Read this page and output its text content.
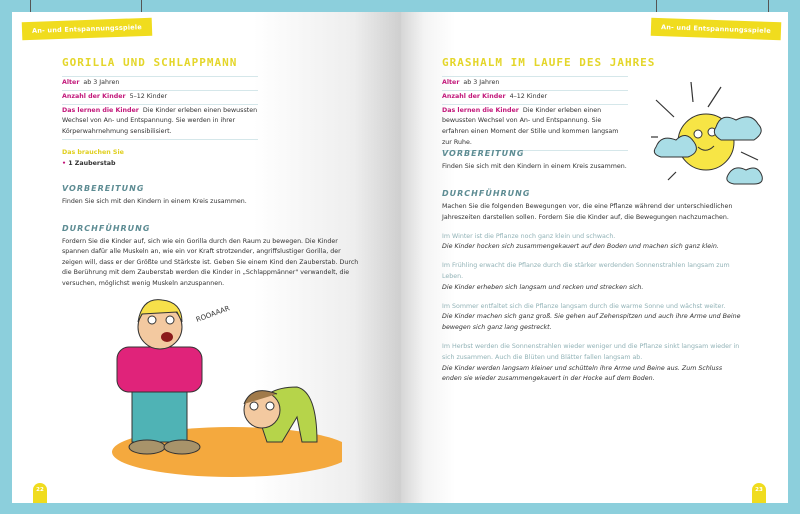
An- und Entspannungsspiele
GORILLA UND SCHLAPPMANN
Alter ab 3 Jahren
Anzahl der Kinder 5–12 Kinder
Das lernen die Kinder Die Kinder erleben einen bewussten Wechsel von An- und Entspannung. Sie werden in ihrer Körperwahrnehmung sensibilisiert.
Das brauchen Sie
• 1 Zauberstab
VORBEREITUNG
Finden Sie sich mit den Kindern in einem Kreis zusammen.
DURCHFÜHRUNG
Fordern Sie die Kinder auf, sich wie ein Gorilla durch den Raum zu bewegen. Die Kinder spannen dafür alle Muskeln an, wie ein vor Kraft strotzender, angriffslustiger Gorilla, der zeigen will, dass er der Größte und Stärkste ist. Geben Sie einem Kind den Zauberstab. Durch die Berührung mit dem Zauberstab werden die Kinder in „Schlappmänner" verwandelt, die versuchen, möglichst wenig Muskeln anzuspannen.
ROOAAAR
22
An- und Entspannungsspiele
GRASHALM IM LAUFE DES JAHRES
Alter ab 3 Jahren
Anzahl der Kinder 4–12 Kinder
Das lernen die Kinder Die Kinder erleben einen bewussten Wechsel von An- und Entspannung. Sie erfahren einen Moment der Stille und kommen langsam zur Ruhe.
VORBEREITUNG
Finden Sie sich mit den Kindern in einem Kreis zusammen.
DURCHFÜHRUNG
Machen Sie die folgenden Bewegungen vor, die eine Pflanze während der unterschiedlichen Jahreszeiten darstellen sollen. Fordern Sie die Kinder auf, die Bewegungen nachzumachen.
Im Winter ist die Pflanze noch ganz klein und schwach.
Die Kinder hocken sich zusammengekauert auf den Boden und machen sich ganz klein.
Im Frühling erwacht die Pflanze durch die stärker werdenden Sonnenstrahlen langsam zum Leben.
Die Kinder erheben sich langsam und recken und strecken sich.
Im Sommer entfaltet sich die Pflanze langsam durch die warme Sonne und wächst weiter.
Die Kinder machen sich ganz groß. Sie gehen auf Zehenspitzen und auch ihre Arme und Beine bewegen sich ganz lang gestreckt.
Im Herbst werden die Sonnenstrahlen wieder weniger und die Pflanze sinkt langsam wieder in sich zusammen. Auch die Blüten und Blätter fallen langsam ab.
Die Kinder werden langsam kleiner und schütteln ihre Arme und Beine aus. Zum Schluss enden sie wieder zusammengekauert in der Hocke auf dem Boden.
23
